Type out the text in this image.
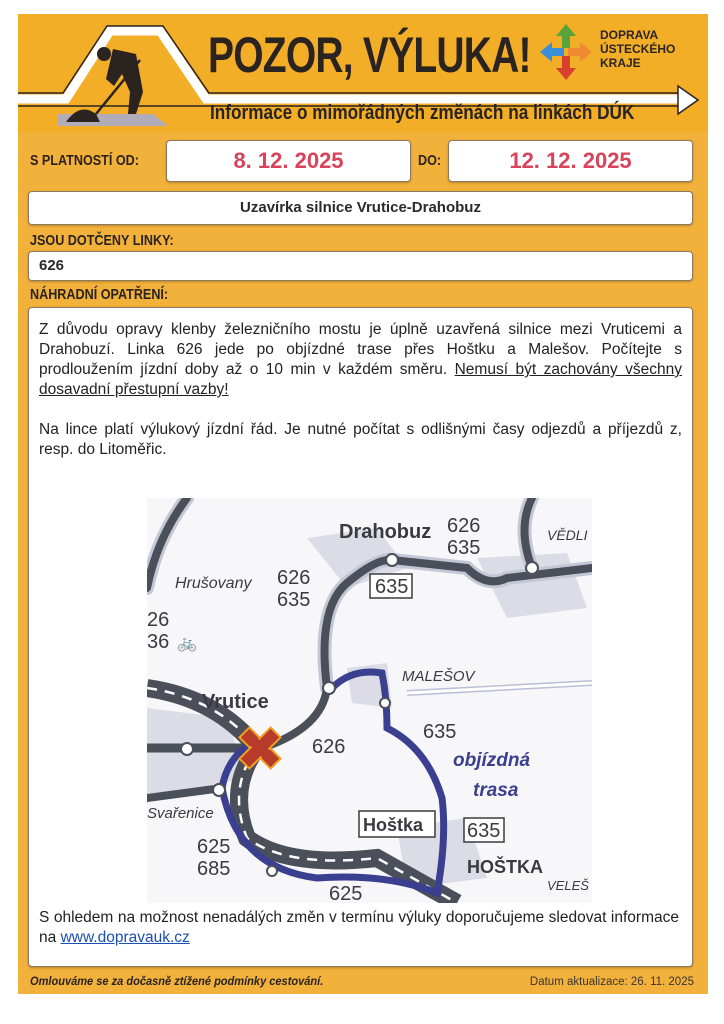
POZOR, VÝLUKA!
Informace o mimořádných změnách na linkách DÚK
DOPRAVA
ÚSTECKÉHO
KRAJE
S PLATNOSTÍ OD:	8. 12. 2025	DO:	12. 12. 2025
Uzavírka silnice Vrutice-Drahobuz
JSOU DOTČENY LINKY:
626
NÁHRADNÍ OPATŘENÍ:

Z důvodu opravy klenby železničního mostu je úplně uzavřená silnice mezi Vruticemi a Drahobuzí. Linka 626 jede po objízdné trase přes Hoštku a Malešov. Počítejte s prodloužením jízdní doby až o 10 min v každém směru. Nemusí být zachovány všechny dosavadní přestupní vazby!

Na lince platí výlukový jízdní řád. Je nutné počítat s odlišnými časy odjezdů a příjezdů z, resp. do Litoměřic.

Drahobuz 626
635
Hrušovany 626
635
26
36 🚲
635
MALEŠOV
VĚDLI
Vrutice
626
635
objízdná
trasa
Svařenice
Hoštka 635
HOŠTKA
VELEŠ
625
685
625

S ohledem na možnost nenadálých změn v termínu výluky doporučujeme sledovat informace na www.dopravauk.cz

Omlouváme se za dočasně ztížené podmínky cestování.	Datum aktualizace: 26. 11. 2025
